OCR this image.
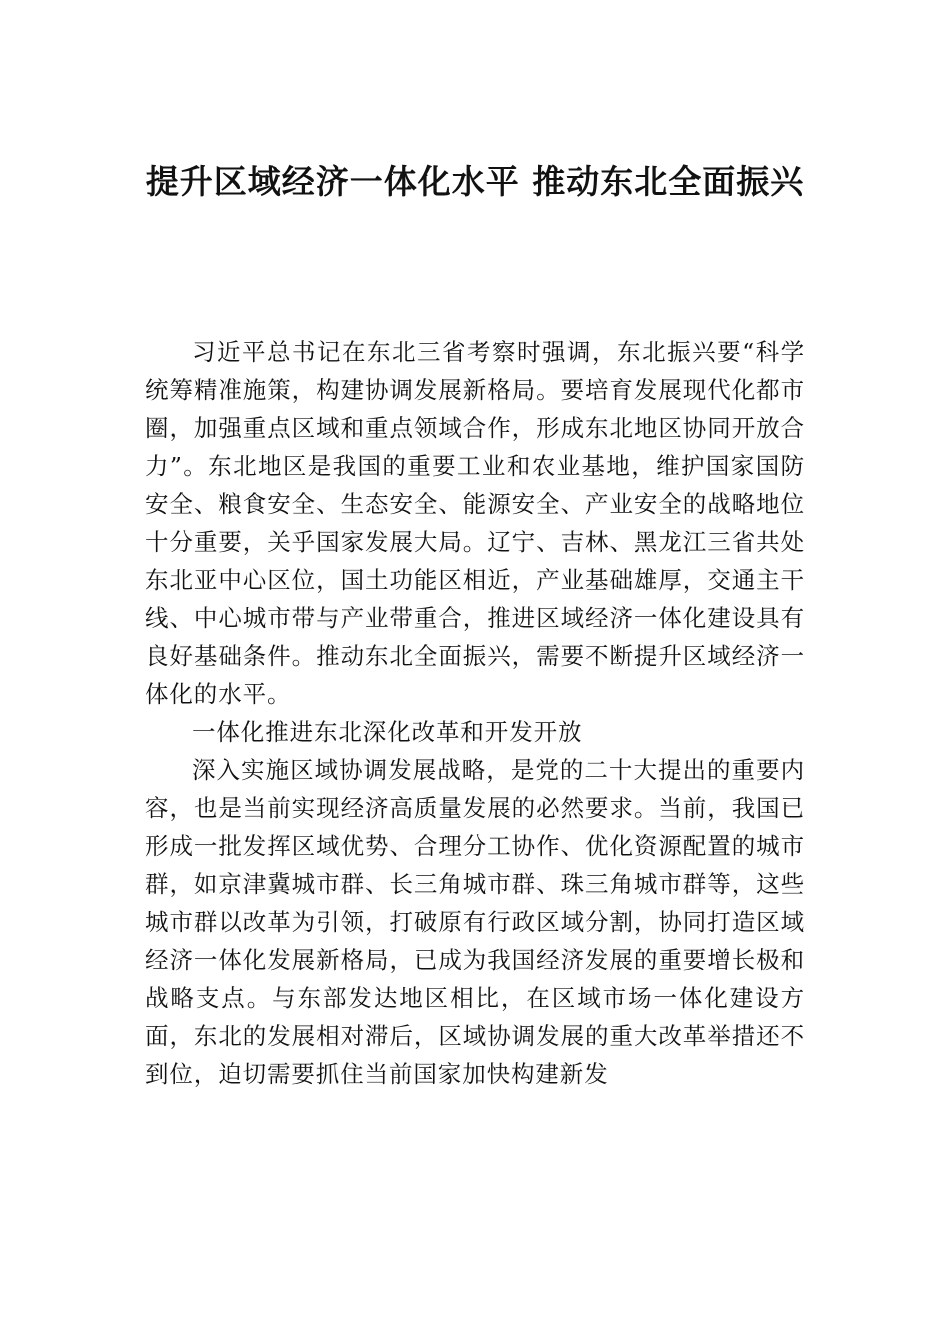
提升区域经济一体化水平 推动东北全面振兴

习近平总书记在东北三省考察时强调，东北振兴要“科学统筹精准施策，构建协调发展新格局。要培育发展现代化都市圈，加强重点区域和重点领域合作，形成东北地区协同开放合力”。东北地区是我国的重要工业和农业基地，维护国家国防安全、粮食安全、生态安全、能源安全、产业安全的战略地位十分重要，关乎国家发展大局。辽宁、吉林、黑龙江三省共处东北亚中心区位，国土功能区相近，产业基础雄厚，交通主干线、中心城市带与产业带重合，推进区域经济一体化建设具有良好基础条件。推动东北全面振兴，需要不断提升区域经济一体化的水平。

一体化推进东北深化改革和开发开放

深入实施区域协调发展战略，是党的二十大提出的重要内容，也是当前实现经济高质量发展的必然要求。当前，我国已形成一批发挥区域优势、合理分工协作、优化资源配置的城市群，如京津冀城市群、长三角城市群、珠三角城市群等，这些城市群以改革为引领，打破原有行政区域分割，协同打造区域经济一体化发展新格局，已成为我国经济发展的重要增长极和战略支点。与东部发达地区相比，在区域市场一体化建设方面，东北的发展相对滞后，区域协调发展的重大改革举措还不到位，迫切需要抓住当前国家加快构建新发
